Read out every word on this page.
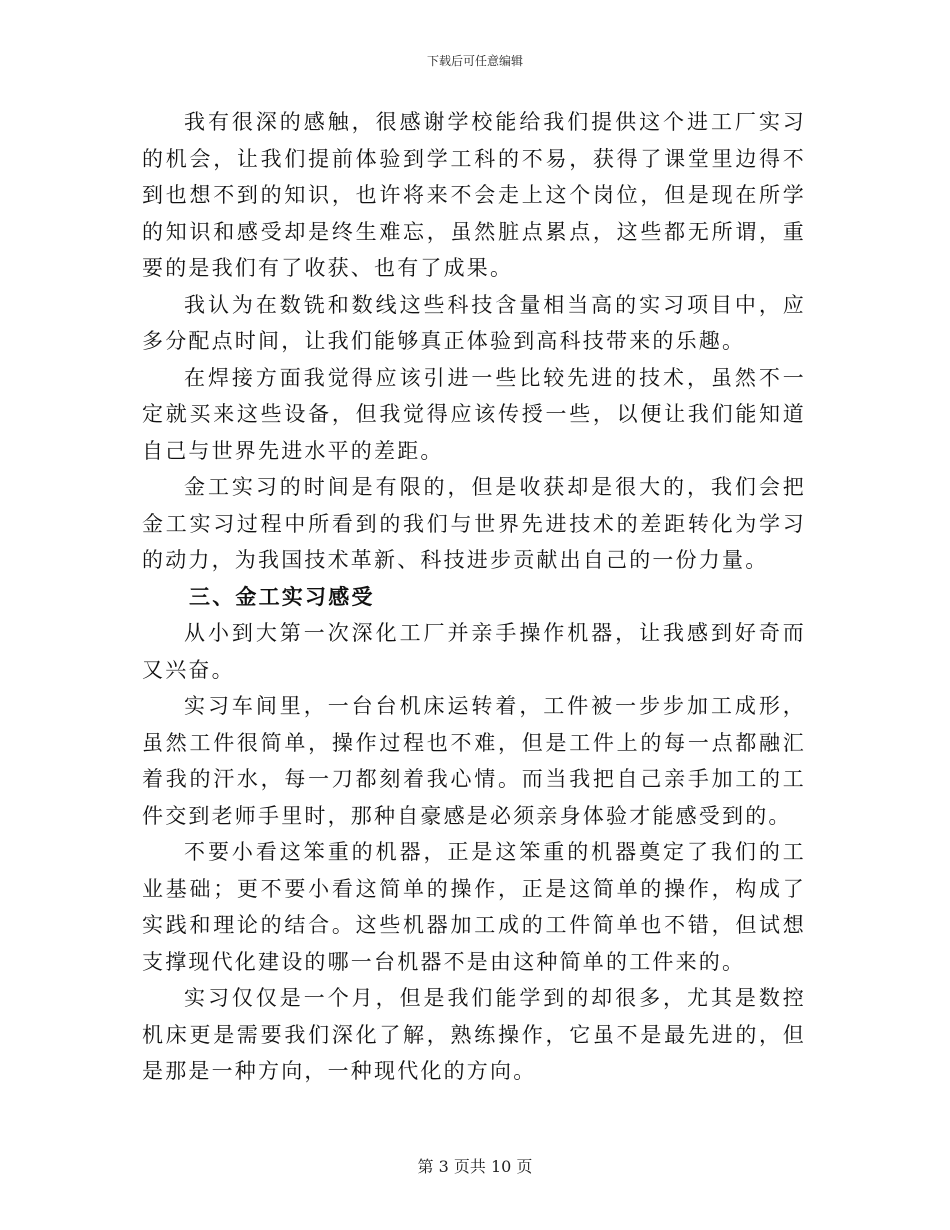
下载后可任意编辑

我有很深的感触，很感谢学校能给我们提供这个进工厂实习的机会，让我们提前体验到学工科的不易，获得了课堂里边得不到也想不到的知识，也许将来不会走上这个岗位，但是现在所学的知识和感受却是终生难忘，虽然脏点累点，这些都无所谓，重要的是我们有了收获、也有了成果。

我认为在数铣和数线这些科技含量相当高的实习项目中，应多分配点时间，让我们能够真正体验到高科技带来的乐趣。

在焊接方面我觉得应该引进一些比较先进的技术，虽然不一定就买来这些设备，但我觉得应该传授一些，以便让我们能知道自己与世界先进水平的差距。

金工实习的时间是有限的，但是收获却是很大的，我们会把金工实习过程中所看到的我们与世界先进技术的差距转化为学习的动力，为我国技术革新、科技进步贡献出自己的一份力量。

三、金工实习感受

从小到大第一次深化工厂并亲手操作机器，让我感到好奇而又兴奋。

实习车间里，一台台机床运转着，工件被一步步加工成形，虽然工件很简单，操作过程也不难，但是工件上的每一点都融汇着我的汗水，每一刀都刻着我心情。而当我把自己亲手加工的工件交到老师手里时，那种自豪感是必须亲身体验才能感受到的。

不要小看这笨重的机器，正是这笨重的机器奠定了我们的工业基础；更不要小看这简单的操作，正是这简单的操作，构成了实践和理论的结合。这些机器加工成的工件简单也不错，但试想支撑现代化建设的哪一台机器不是由这种简单的工件来的。

实习仅仅是一个月，但是我们能学到的却很多，尤其是数控机床更是需要我们深化了解，熟练操作，它虽不是最先进的，但是那是一种方向，一种现代化的方向。

第 3 页共 10 页
